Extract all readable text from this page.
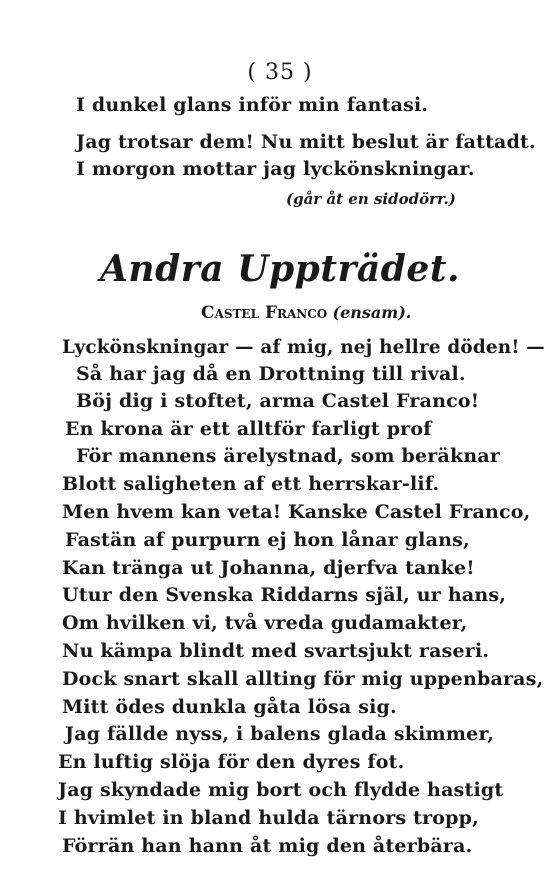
( 35 )
I dunkel glans inför min fantasi.
Jag trotsar dem! Nu mitt beslut är fattadt.
I morgon mottar jag lyckönskningar.
(går åt en sidodörr.)
Andra Uppträdet.
Castel Franco (ensam).
Lyckönskningar — af mig, nej hellre döden! —
Så har jag då en Drottning till rival.
Böj dig i stoftet, arma Castel Franco!
En krona är ett alltför farligt prof
För mannens ärelystnad, som beräknar
Blott saligheten af ett herrskar-lif.
Men hvem kan veta! Kanske Castel Franco,
Fastän af purpurn ej hon lånar glans,
Kan tränga ut Johanna, djerfva tanke!
Utur den Svenska Riddarns själ, ur hans,
Om hvilken vi, två vreda gudamakter,
Nu kämpa blindt med svartsjukt raseri.
Dock snart skall allting för mig uppenbaras,
Mitt ödes dunkla gåta lösa sig.
Jag fällde nyss, i balens glada skimmer,
En luftig slöja för den dyres fot.
Jag skyndade mig bort och flydde hastigt
I hvimlet in bland hulda tärnors tropp,
Förrän han hann åt mig den återbära.
